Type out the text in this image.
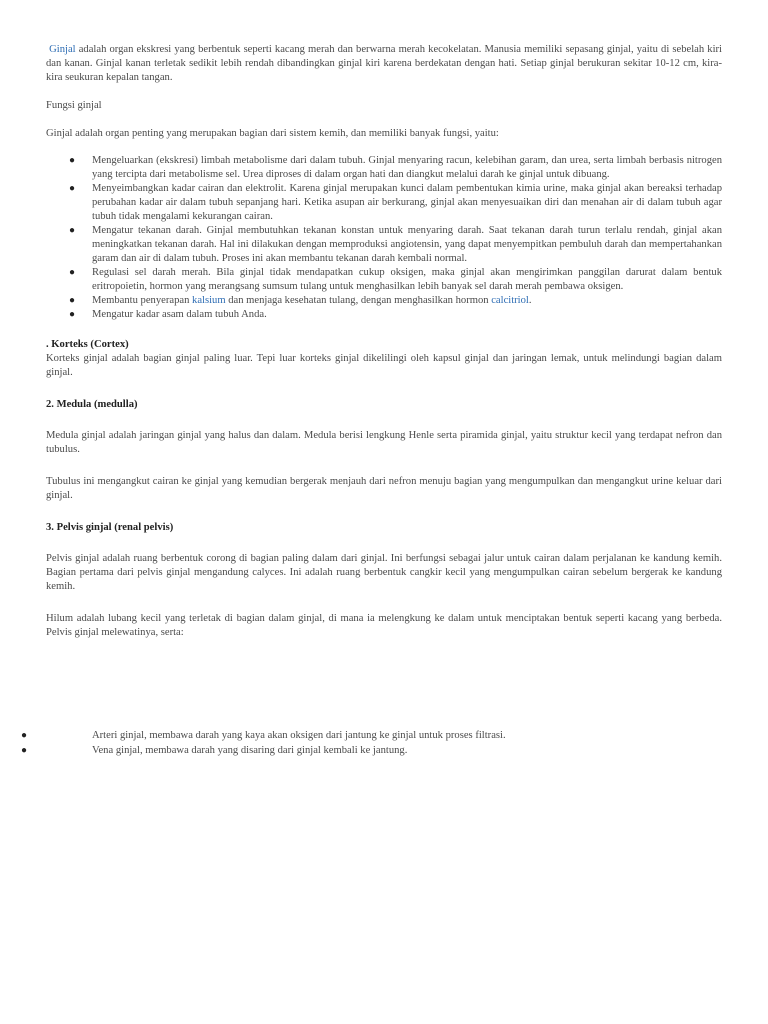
Ginjal adalah organ ekskresi yang berbentuk seperti kacang merah dan berwarna merah kecokelatan. Manusia memiliki sepasang ginjal, yaitu di sebelah kiri dan kanan. Ginjal kanan terletak sedikit lebih rendah dibandingkan ginjal kiri karena berdekatan dengan hati. Setiap ginjal berukuran sekitar 10-12 cm, kira-kira seukuran kepalan tangan.

Fungsi ginjal

Ginjal adalah organ penting yang merupakan bagian dari sistem kemih, dan memiliki banyak fungsi, yaitu:

● Mengeluarkan (ekskresi) limbah metabolisme dari dalam tubuh. Ginjal menyaring racun, kelebihan garam, dan urea, serta limbah berbasis nitrogen yang tercipta dari metabolisme sel. Urea diproses di dalam organ hati dan diangkut melalui darah ke ginjal untuk dibuang.
● Menyeimbangkan kadar cairan dan elektrolit. Karena ginjal merupakan kunci dalam pembentukan kimia urine, maka ginjal akan bereaksi terhadap perubahan kadar air dalam tubuh sepanjang hari. Ketika asupan air berkurang, ginjal akan menyesuaikan diri dan menahan air di dalam tubuh agar tubuh tidak mengalami kekurangan cairan.
● Mengatur tekanan darah. Ginjal membutuhkan tekanan konstan untuk menyaring darah. Saat tekanan darah turun terlalu rendah, ginjal akan meningkatkan tekanan darah. Hal ini dilakukan dengan memproduksi angiotensin, yang dapat menyempitkan pembuluh darah dan mempertahankan garam dan air di dalam tubuh. Proses ini akan membantu tekanan darah kembali normal.
● Regulasi sel darah merah. Bila ginjal tidak mendapatkan cukup oksigen, maka ginjal akan mengirimkan panggilan darurat dalam bentuk eritropoietin, hormon yang merangsang sumsum tulang untuk menghasilkan lebih banyak sel darah merah pembawa oksigen.
● Membantu penyerapan kalsium dan menjaga kesehatan tulang, dengan menghasilkan hormon calcitriol.
● Mengatur kadar asam dalam tubuh Anda.

. Korteks (Cortex)

Korteks ginjal adalah bagian ginjal paling luar. Tepi luar korteks ginjal dikelilingi oleh kapsul ginjal dan jaringan lemak, untuk melindungi bagian dalam ginjal.

2. Medula (medulla)

Medula ginjal adalah jaringan ginjal yang halus dan dalam. Medula berisi lengkung Henle serta piramida ginjal, yaitu struktur kecil yang terdapat nefron dan tubulus.

Tubulus ini mengangkut cairan ke ginjal yang kemudian bergerak menjauh dari nefron menuju bagian yang mengumpulkan dan mengangkut urine keluar dari ginjal.

3. Pelvis ginjal (renal pelvis)

Pelvis ginjal adalah ruang berbentuk corong di bagian paling dalam dari ginjal. Ini berfungsi sebagai jalur untuk cairan dalam perjalanan ke kandung kemih. Bagian pertama dari pelvis ginjal mengandung calyces. Ini adalah ruang berbentuk cangkir kecil yang mengumpulkan cairan sebelum bergerak ke kandung kemih.

Hilum adalah lubang kecil yang terletak di bagian dalam ginjal, di mana ia melengkung ke dalam untuk menciptakan bentuk seperti kacang yang berbeda. Pelvis ginjal melewatinya, serta:

●	Arteri ginjal, membawa darah yang kaya akan oksigen dari jantung ke ginjal untuk proses filtrasi.
●	Vena ginjal, membawa darah yang disaring dari ginjal kembali ke jantung.
